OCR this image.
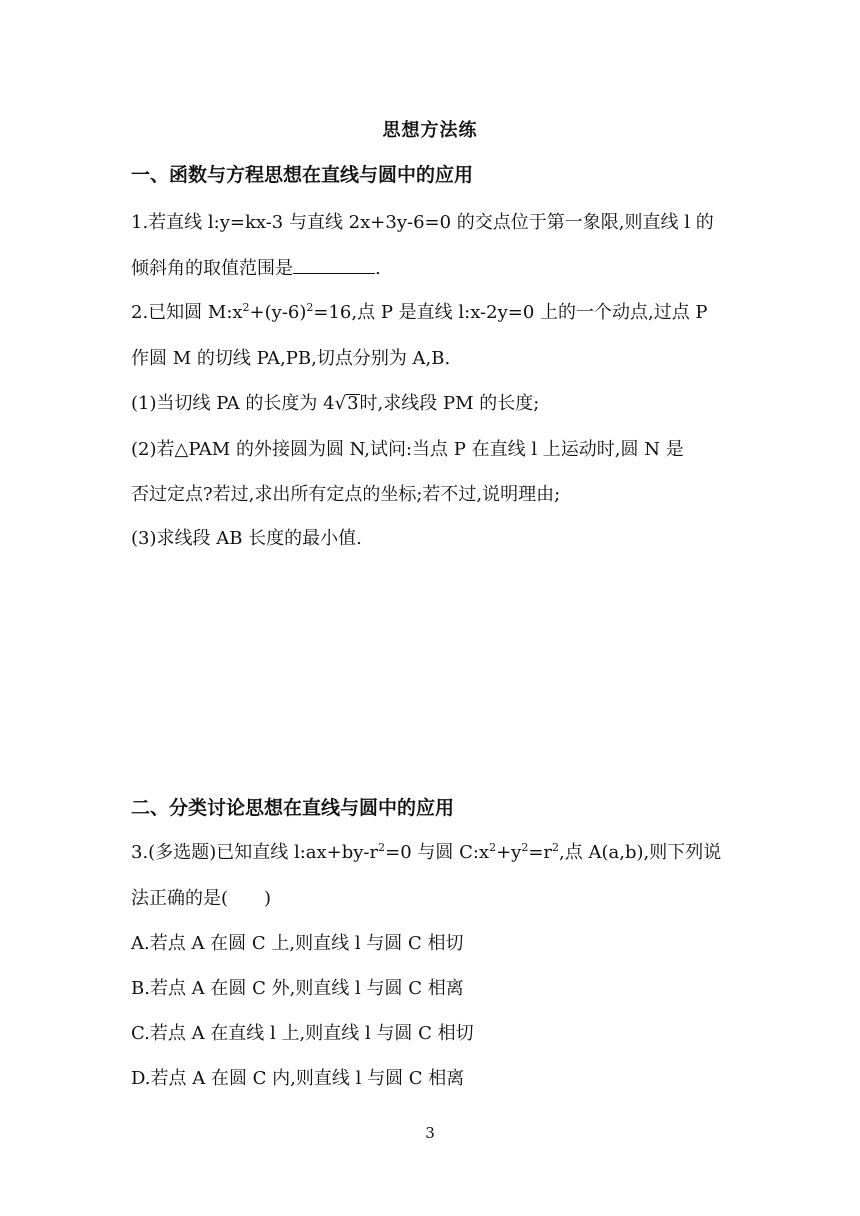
思想方法练
一、函数与方程思想在直线与圆中的应用
1.若直线 l:y=kx-3 与直线 2x+3y-6=0 的交点位于第一象限,则直线 l 的
倾斜角的取值范围是	.
2.已知圆 $M:x^2+(y-6)^2=16$,点 P 是直线 l:x-2y=0 上的一个动点,过点 P
作圆 M 的切线 PA,PB,切点分别为 A,B.
(1)当切线 PA 的长度为 4√3时,求线段 PM 的长度;
(2)若△PAM 的外接圆为圆 N,试问:当点 P 在直线 l 上运动时,圆 N 是
否过定点?若过,求出所有定点的坐标;若不过,说明理由;
(3)求线段 AB 长度的最小值.
二、分类讨论思想在直线与圆中的应用
3.(多选题)已知直线 $l:ax+by-r^2=0$ 与圆 $C:x^2+y^2=r^2$,点 A(a,b),则下列说
法正确的是(　　)
A.若点 A 在圆 C 上,则直线 l 与圆 C 相切
B.若点 A 在圆 C 外,则直线 l 与圆 C 相离
C.若点 A 在直线 l 上,则直线 l 与圆 C 相切
D.若点 A 在圆 C 内,则直线 l 与圆 C 相离
3
